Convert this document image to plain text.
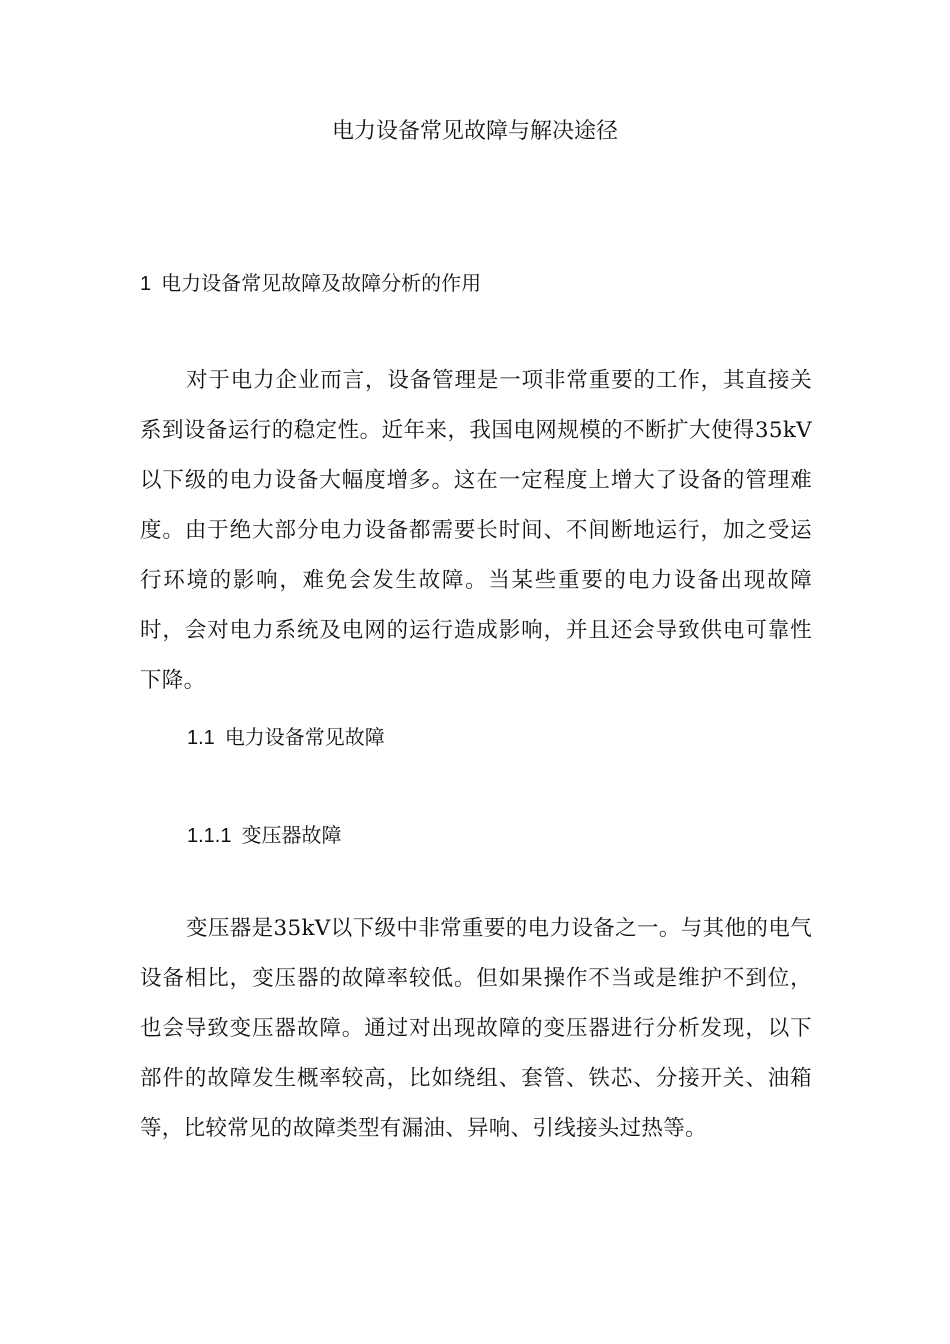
电力设备常见故障与解决途径
1 电力设备常见故障及故障分析的作用

对于电力企业而言，设备管理是一项非常重要的工作，其直接关系到设备运行的稳定性。近年来，我国电网规模的不断扩大使得35kV以下级的电力设备大幅度增多。这在一定程度上增大了设备的管理难度。由于绝大部分电力设备都需要长时间、不间断地运行，加之受运行环境的影响，难免会发生故障。当某些重要的电力设备出现故障时，会对电力系统及电网的运行造成影响，并且还会导致供电可靠性下降。

1.1 电力设备常见故障
1.1.1 变压器故障

变压器是35kV以下级中非常重要的电力设备之一。与其他的电气设备相比，变压器的故障率较低。但如果操作不当或是维护不到位，也会导致变压器故障。通过对出现故障的变压器进行分析发现，以下部件的故障发生概率较高，比如绕组、套管、铁芯、分接开关、油箱等，比较常见的故障类型有漏油、异响、引线接头过热等。
